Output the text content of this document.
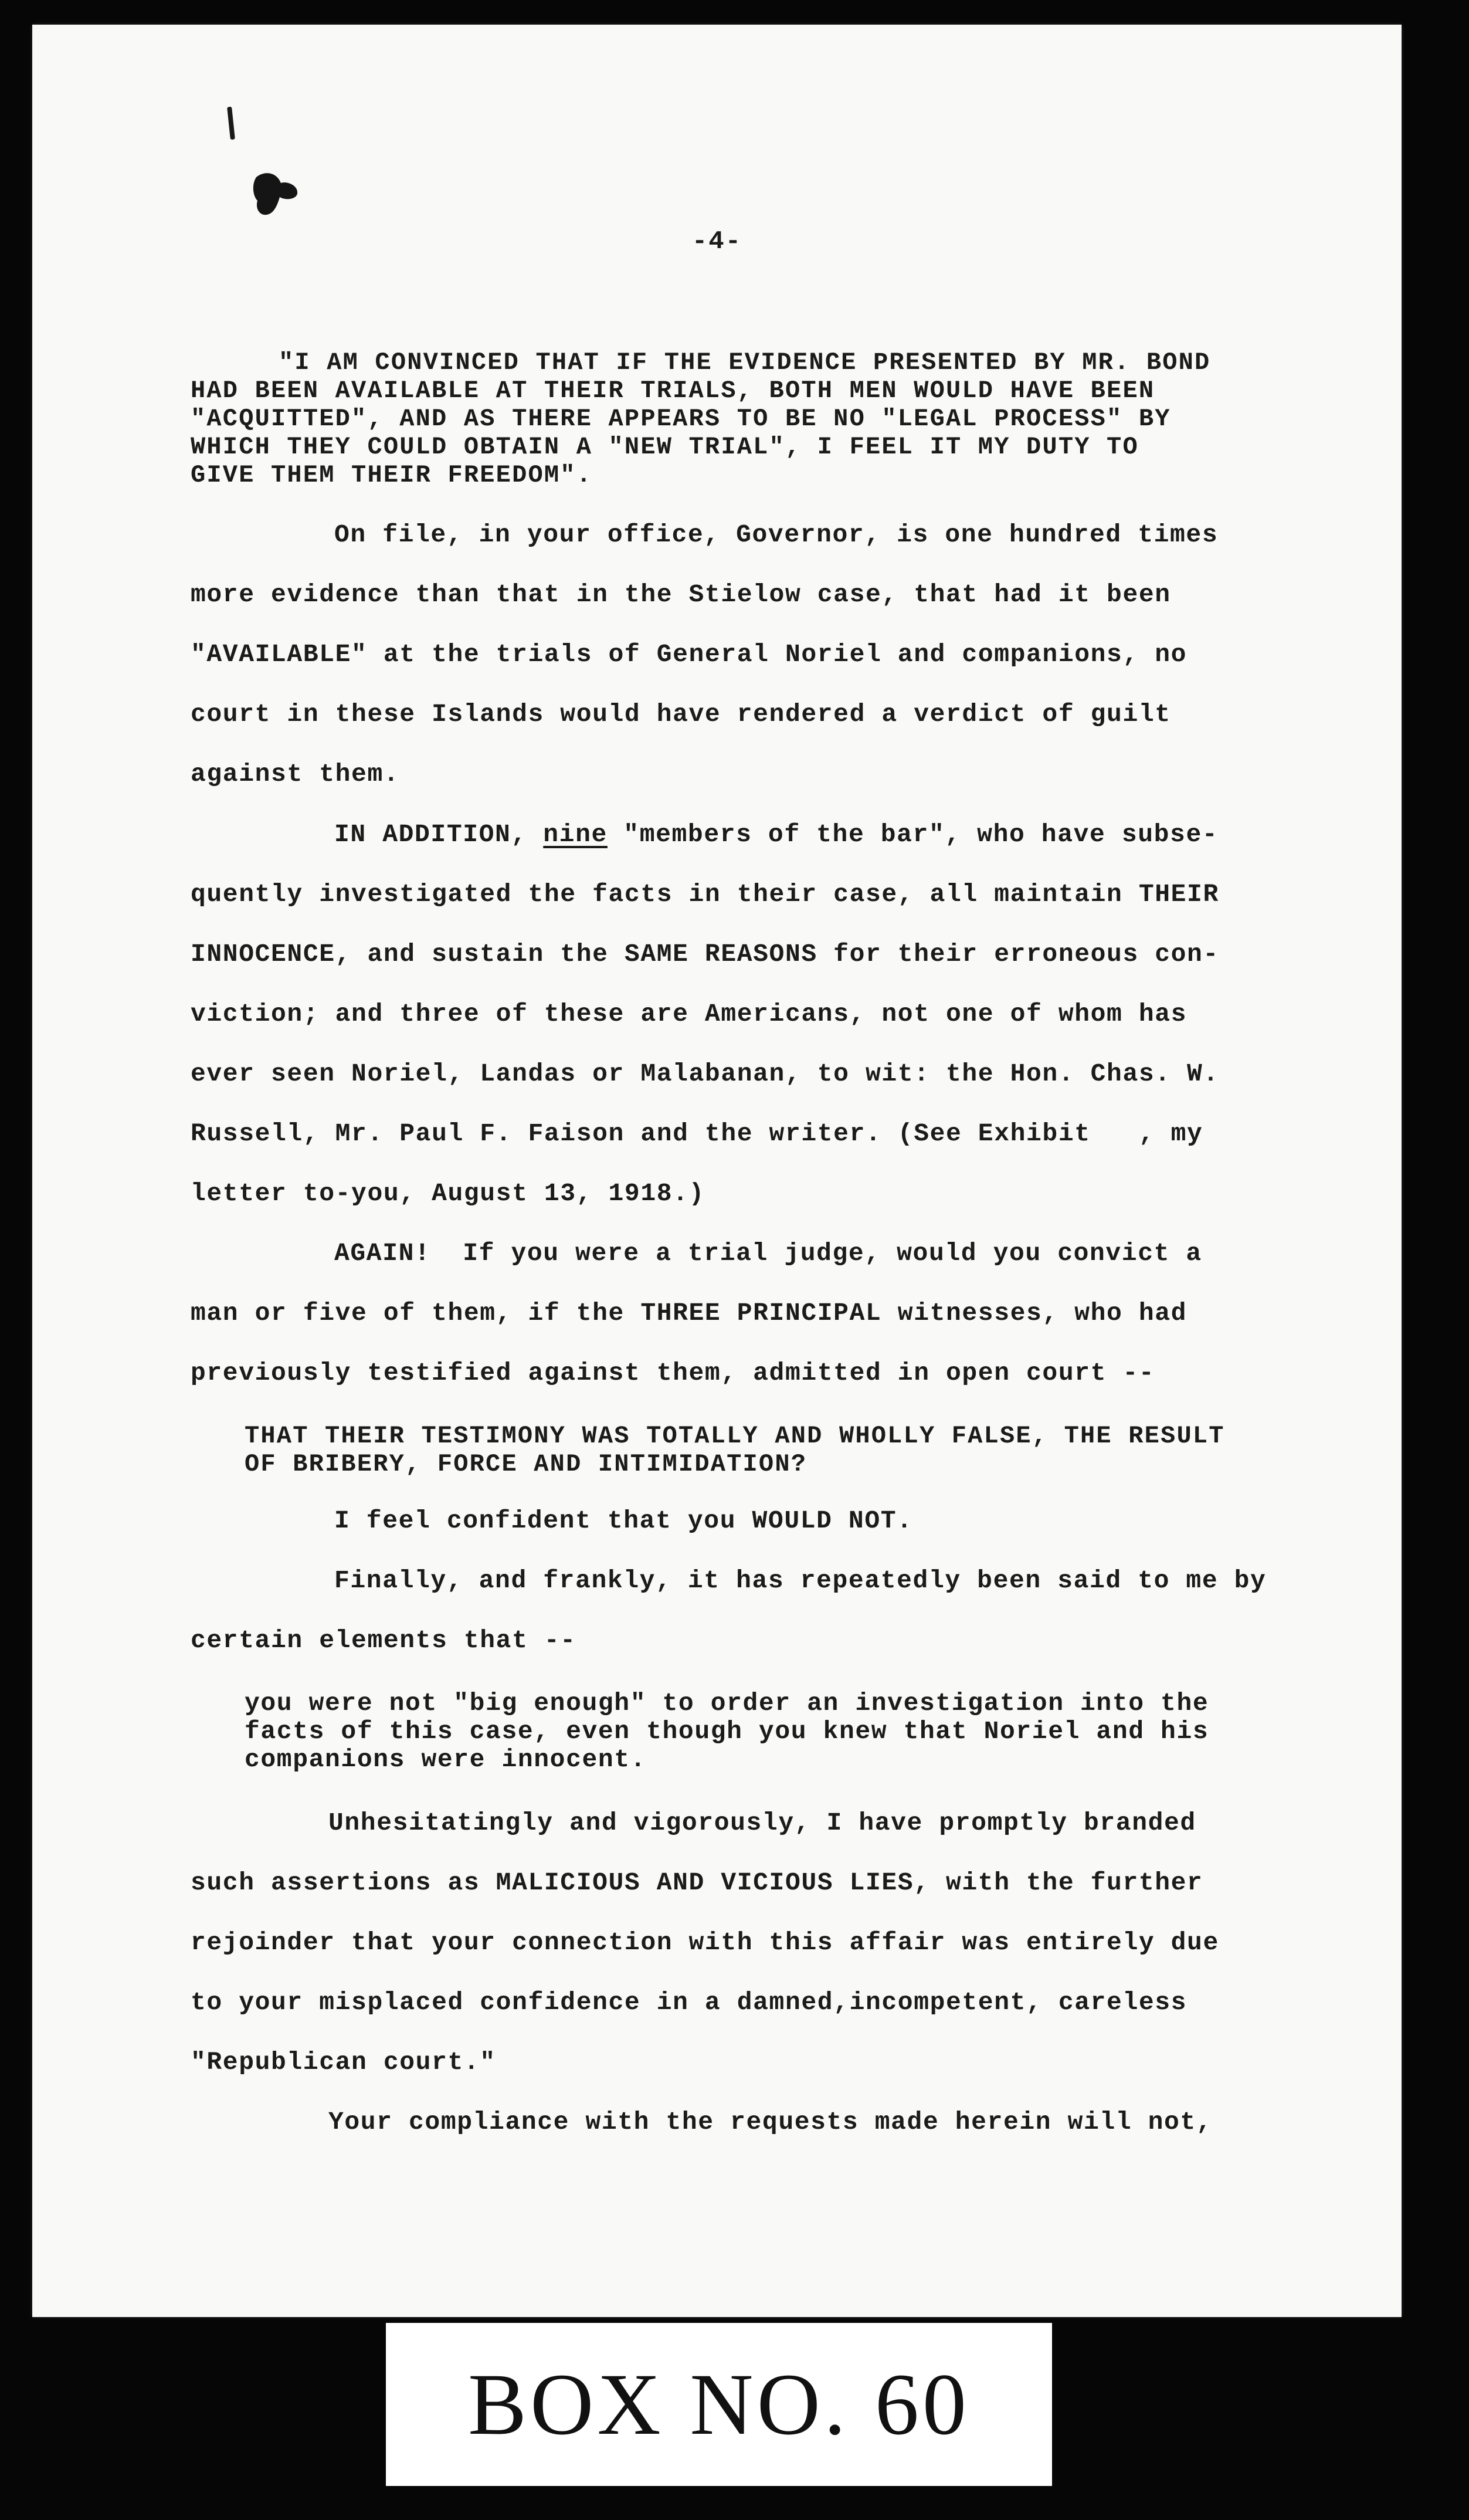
-4-
"I AM CONVINCED THAT IF THE EVIDENCE PRESENTED BY MR. BOND
HAD BEEN AVAILABLE AT THEIR TRIALS, BOTH MEN WOULD HAVE BEEN
"ACQUITTED", AND AS THERE APPEARS TO BE NO "LEGAL PROCESS" BY
WHICH THEY COULD OBTAIN A "NEW TRIAL", I FEEL IT MY DUTY TO
GIVE THEM THEIR FREEDOM".
On file, in your office, Governor, is one hundred times
more evidence than that in the Stielow case, that had it been
"AVAILABLE" at the trials of General Noriel and companions, no
court in these Islands would have rendered a verdict of guilt
against them.
IN ADDITION, nine "members of the bar", who have subse-
quently investigated the facts in their case, all maintain THEIR
INNOCENCE, and sustain the SAME REASONS for their erroneous con-
viction; and three of these are Americans, not one of whom has
ever seen Noriel, Landas or Malabanan, to wit: the Hon. Chas. W.
Russell, Mr. Paul F. Faison and the writer. (See Exhibit   , my
letter to-you, August 13, 1918.)
AGAIN!  If you were a trial judge, would you convict a
man or five of them, if the THREE PRINCIPAL witnesses, who had
previously testified against them, admitted in open court --
THAT THEIR TESTIMONY WAS TOTALLY AND WHOLLY FALSE, THE RESULT
OF BRIBERY, FORCE AND INTIMIDATION?
I feel confident that you WOULD NOT.
Finally, and frankly, it has repeatedly been said to me by
certain elements that --
you were not "big enough" to order an investigation into the
facts of this case, even though you knew that Noriel and his
companions were innocent.
Unhesitatingly and vigorously, I have promptly branded
such assertions as MALICIOUS AND VICIOUS LIES, with the further
rejoinder that your connection with this affair was entirely due
to your misplaced confidence in a damned,incompetent, careless
"Republican court."
Your compliance with the requests made herein will not,
BOX NO. 60
